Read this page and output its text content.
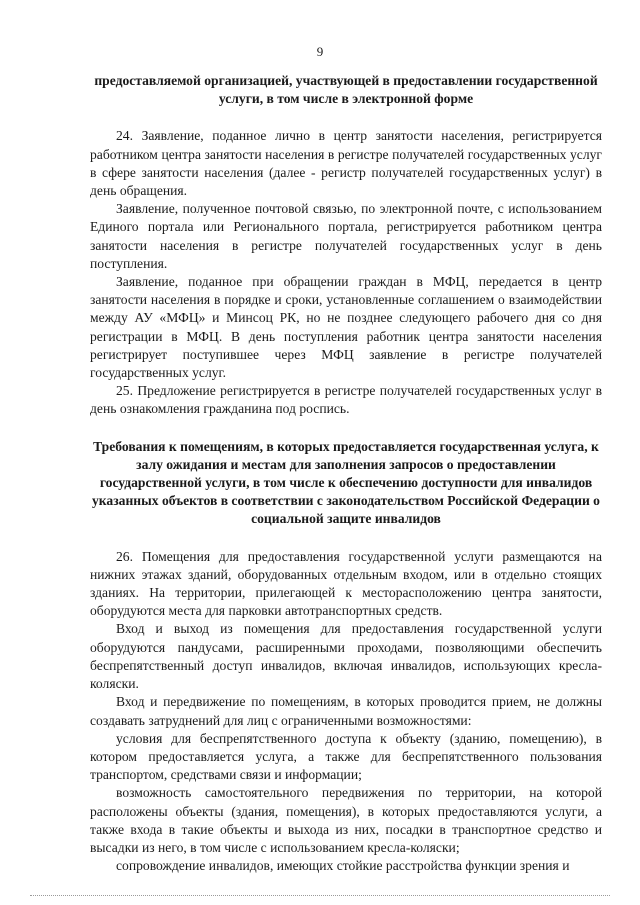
9

предоставляемой организацией, участвующей в предоставлении государственной услуги, в том числе в электронной форме

24. Заявление, поданное лично в центр занятости населения, регистрируется работником центра занятости населения в регистре получателей государственных услуг в сфере занятости населения (далее - регистр получателей государственных услуг) в день обращения.

Заявление, полученное почтовой связью, по электронной почте, с использованием Единого портала или Регионального портала, регистрируется работником центра занятости населения в регистре получателей государственных услуг в день поступления.

Заявление, поданное при обращении граждан в МФЦ, передается в центр занятости населения в порядке и сроки, установленные соглашением о взаимодействии между АУ «МФЦ» и Минсоц РК, но не позднее следующего рабочего дня со дня регистрации в МФЦ. В день поступления работник центра занятости населения регистрирует поступившее через МФЦ заявление в регистре получателей государственных услуг.

25. Предложение регистрируется в регистре получателей государственных услуг в день ознакомления гражданина под роспись.

Требования к помещениям, в которых предоставляется государственная услуга, к залу ожидания и местам для заполнения запросов о предоставлении государственной услуги, в том числе к обеспечению доступности для инвалидов указанных объектов в соответствии с законодательством Российской Федерации о социальной защите инвалидов

26. Помещения для предоставления государственной услуги размещаются на нижних этажах зданий, оборудованных отдельным входом, или в отдельно стоящих зданиях. На территории, прилегающей к месторасположению центра занятости, оборудуются места для парковки автотранспортных средств.

Вход и выход из помещения для предоставления государственной услуги оборудуются пандусами, расширенными проходами, позволяющими обеспечить беспрепятственный доступ инвалидов, включая инвалидов, использующих кресла-коляски.

Вход и передвижение по помещениям, в которых проводится прием, не должны создавать затруднений для лиц с ограниченными возможностями:

условия для беспрепятственного доступа к объекту (зданию, помещению), в котором предоставляется услуга, а также для беспрепятственного пользования транспортом, средствами связи и информации;

возможность самостоятельного передвижения по территории, на которой расположены объекты (здания, помещения), в которых предоставляются услуги, а также входа в такие объекты и выхода из них, посадки в транспортное средство и высадки из него, в том числе с использованием кресла-коляски;

сопровождение инвалидов, имеющих стойкие расстройства функции зрения и
